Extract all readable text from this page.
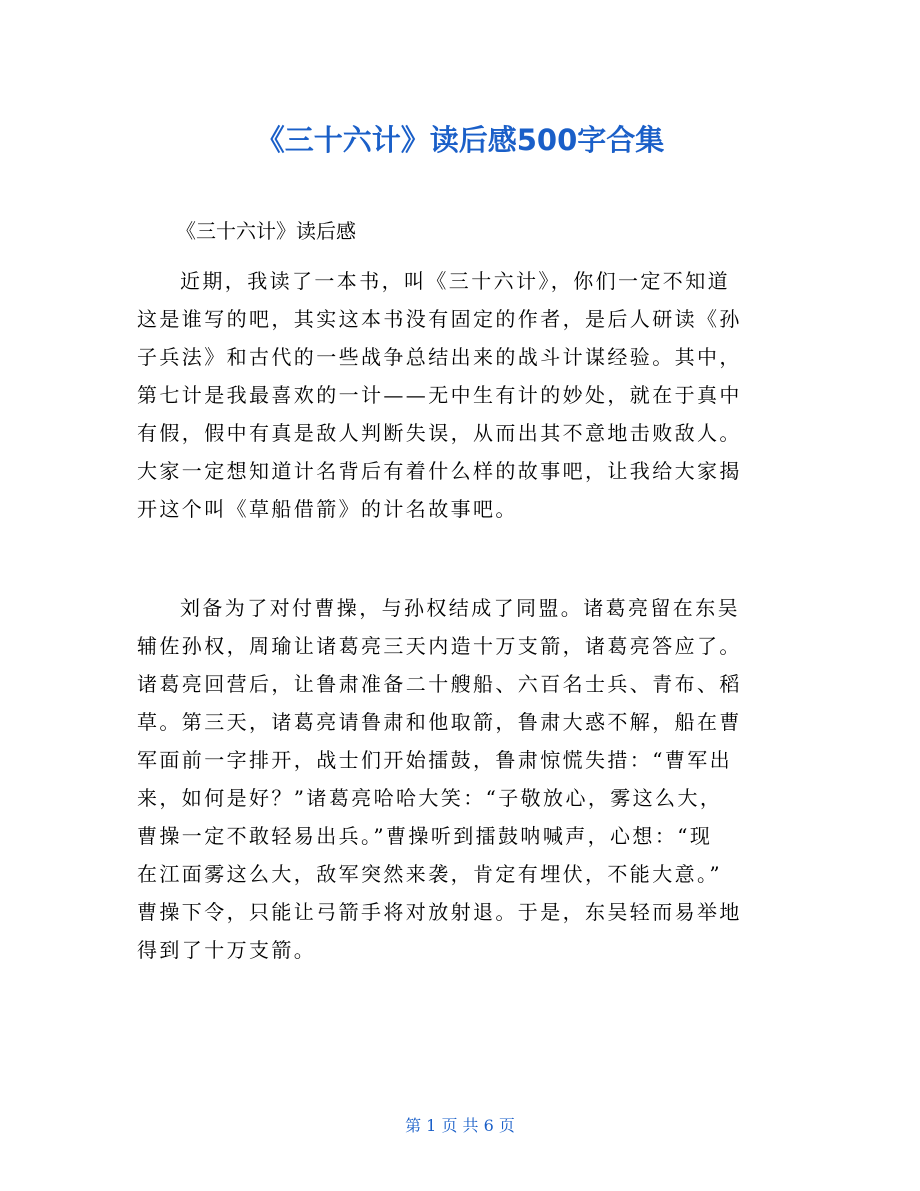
《三十六计》读后感500字合集
《三十六计》读后感
近期，我读了一本书，叫《三十六计》，你们一定不知道
这是谁写的吧，其实这本书没有固定的作者，是后人研读《孙
子兵法》和古代的一些战争总结出来的战斗计谋经验。其中，
第七计是我最喜欢的一计——无中生有计的妙处，就在于真中
有假，假中有真是敌人判断失误，从而出其不意地击败敌人。
大家一定想知道计名背后有着什么样的故事吧，让我给大家揭
开这个叫《草船借箭》的计名故事吧。
刘备为了对付曹操，与孙权结成了同盟。诸葛亮留在东吴
辅佐孙权，周瑜让诸葛亮三天内造十万支箭，诸葛亮答应了。
诸葛亮回营后，让鲁肃准备二十艘船、六百名士兵、青布、稻
草。第三天，诸葛亮请鲁肃和他取箭，鲁肃大惑不解，船在曹
军面前一字排开，战士们开始擂鼓，鲁肃惊慌失措：“曹军出
来，如何是好？”诸葛亮哈哈大笑：“子敬放心，雾这么大，
曹操一定不敢轻易出兵。”曹操听到擂鼓呐喊声，心想：“现
在江面雾这么大，敌军突然来袭，肯定有埋伏，不能大意。”
曹操下令，只能让弓箭手将对放射退。于是，东吴轻而易举地
得到了十万支箭。
第 1 页 共 6 页
